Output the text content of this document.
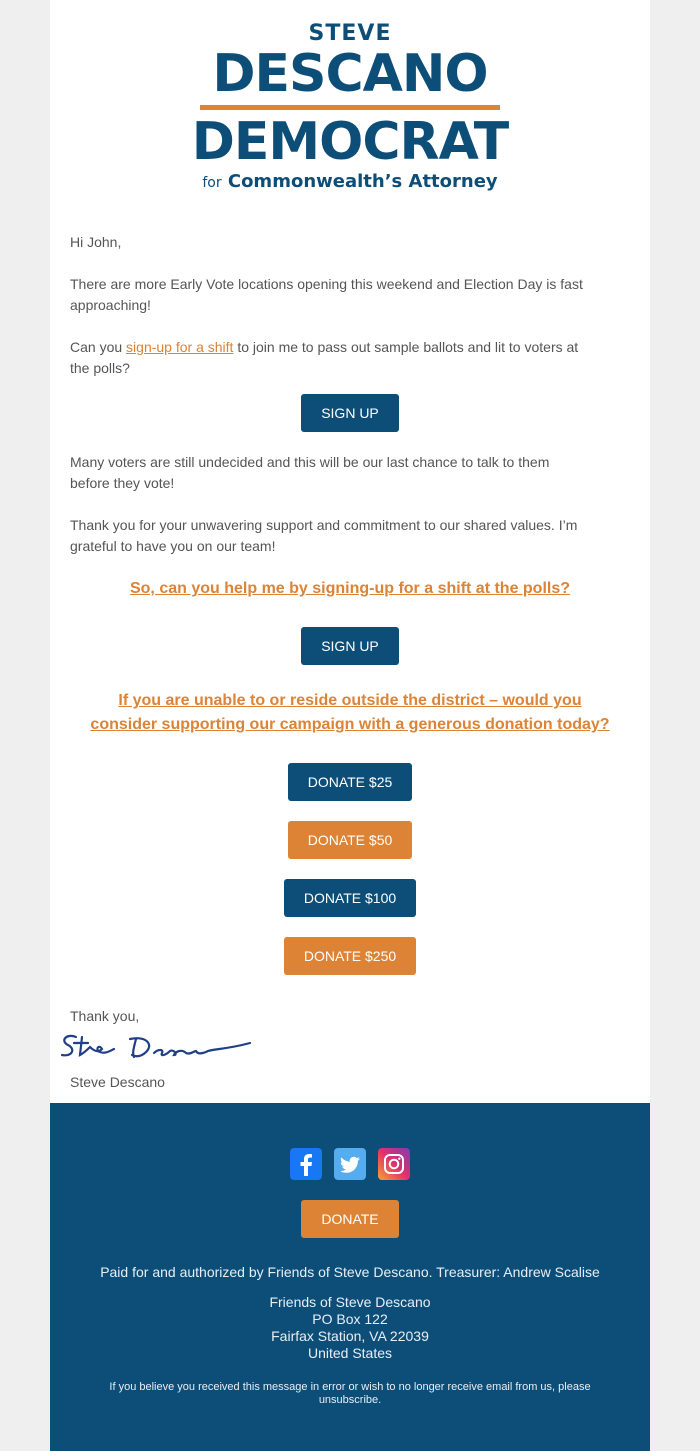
STEVE
DESCANO
DEMOCRAT
for Commonwealth’s Attorney
Hi John,
There are more Early Vote locations opening this weekend and Election Day is fast approaching!
Can you sign-up for a shift to join me to pass out sample ballots and lit to voters at the polls?
SIGN UP
Many voters are still undecided and this will be our last chance to talk to them before they vote!
Thank you for your unwavering support and commitment to our shared values. I’m grateful to have you on our team!
So, can you help me by signing-up for a shift at the polls?
SIGN UP
If you are unable to or reside outside the district – would you consider supporting our campaign with a generous donation today?
DONATE $25
DONATE $50
DONATE $100
DONATE $250
Thank you,
Steve Descano
DONATE
Paid for and authorized by Friends of Steve Descano. Treasurer: Andrew Scalise
Friends of Steve Descano
PO Box 122
Fairfax Station, VA 22039
United States
If you believe you received this message in error or wish to no longer receive email from us, please unsubscribe.
